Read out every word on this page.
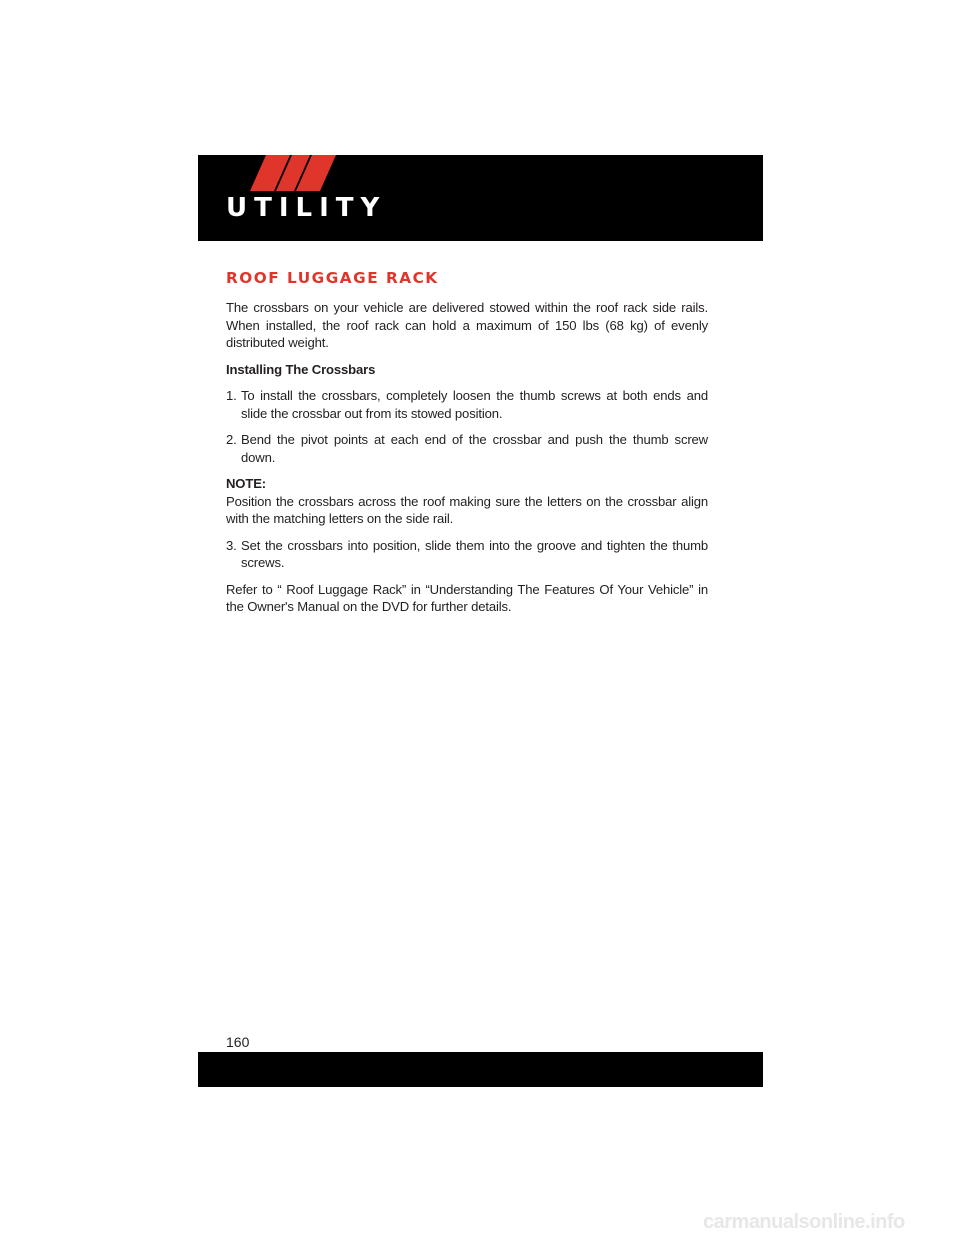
UTILITY
ROOF LUGGAGE RACK

The crossbars on your vehicle are delivered stowed within the roof rack side rails. When installed, the roof rack can hold a maximum of 150 lbs (68 kg) of evenly distributed weight.

Installing The Crossbars

1. To install the crossbars, completely loosen the thumb screws at both ends and slide the crossbar out from its stowed position.
2. Bend the pivot points at each end of the crossbar and push the thumb screw down.

NOTE:

Position the crossbars across the roof making sure the letters on the crossbar align with the matching letters on the side rail.

3. Set the crossbars into position, slide them into the groove and tighten the thumb screws.

Refer to “ Roof Luggage Rack” in “Understanding The Features Of Your Vehicle” in the Owner's Manual on the DVD for further details.

160
carmanualsonline.info
